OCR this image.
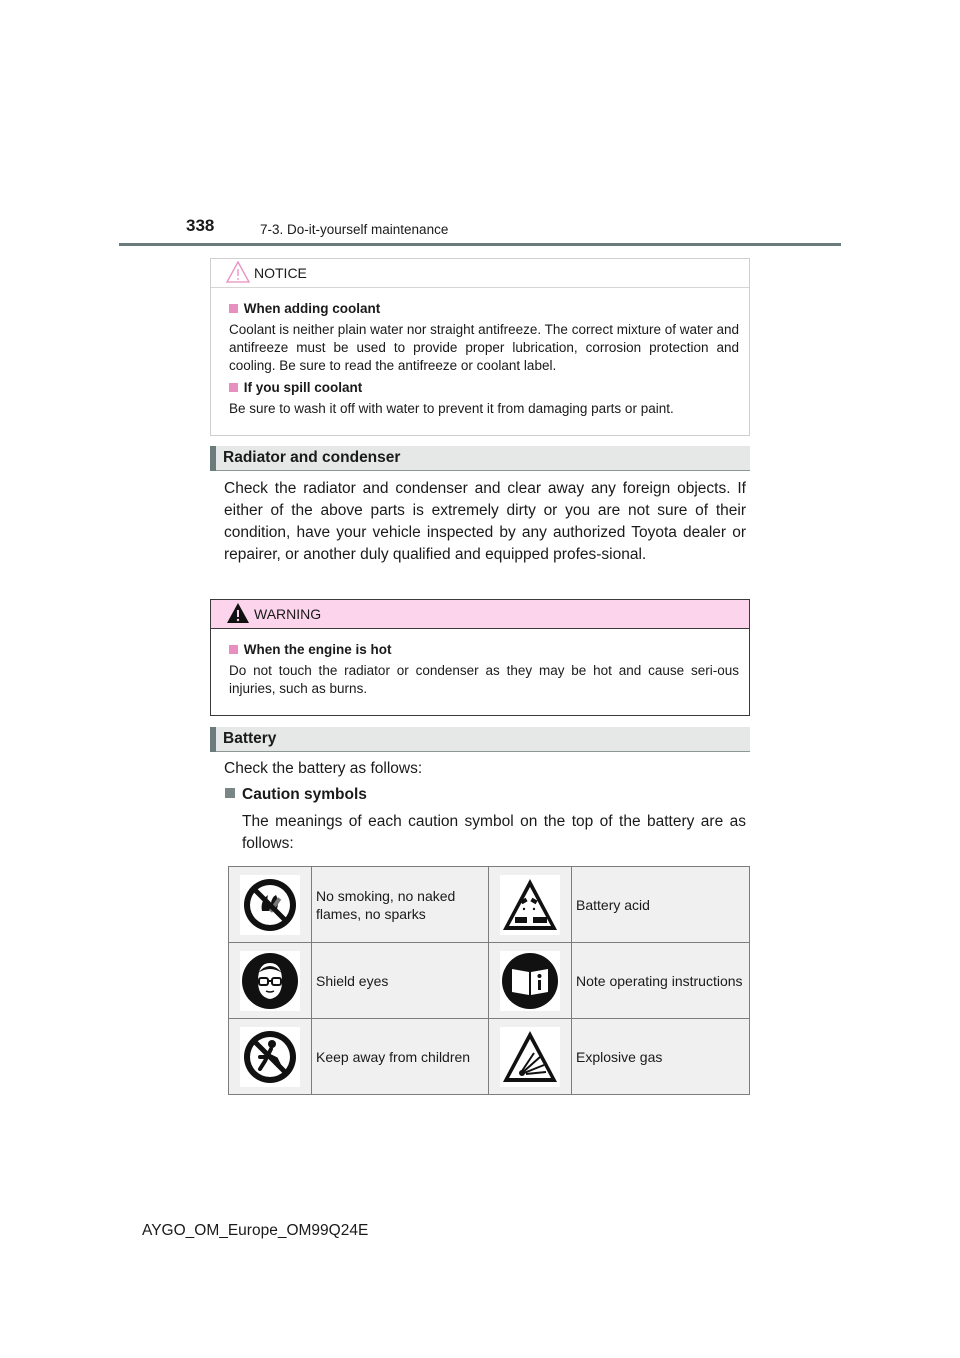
338	7-3. Do-it-yourself maintenance
NOTICE
When adding coolant
Coolant is neither plain water nor straight antifreeze. The correct mixture of water and antifreeze must be used to provide proper lubrication, corrosion protection and cooling. Be sure to read the antifreeze or coolant label.
If you spill coolant
Be sure to wash it off with water to prevent it from damaging parts or paint.
Radiator and condenser
Check the radiator and condenser and clear away any foreign objects. If either of the above parts is extremely dirty or you are not sure of their condition, have your vehicle inspected by any authorized Toyota dealer or repairer, or another duly qualified and equipped profes-sional.
WARNING
When the engine is hot
Do not touch the radiator or condenser as they may be hot and cause seri-ous injuries, such as burns.
Battery
Check the battery as follows:
Caution symbols
The meanings of each caution symbol on the top of the battery are as follows:
	No smoking, no naked flames, no sparks		Battery acid
	Shield eyes		Note operating instructions
	Keep away from children		Explosive gas
AYGO_OM_Europe_OM99Q24E
